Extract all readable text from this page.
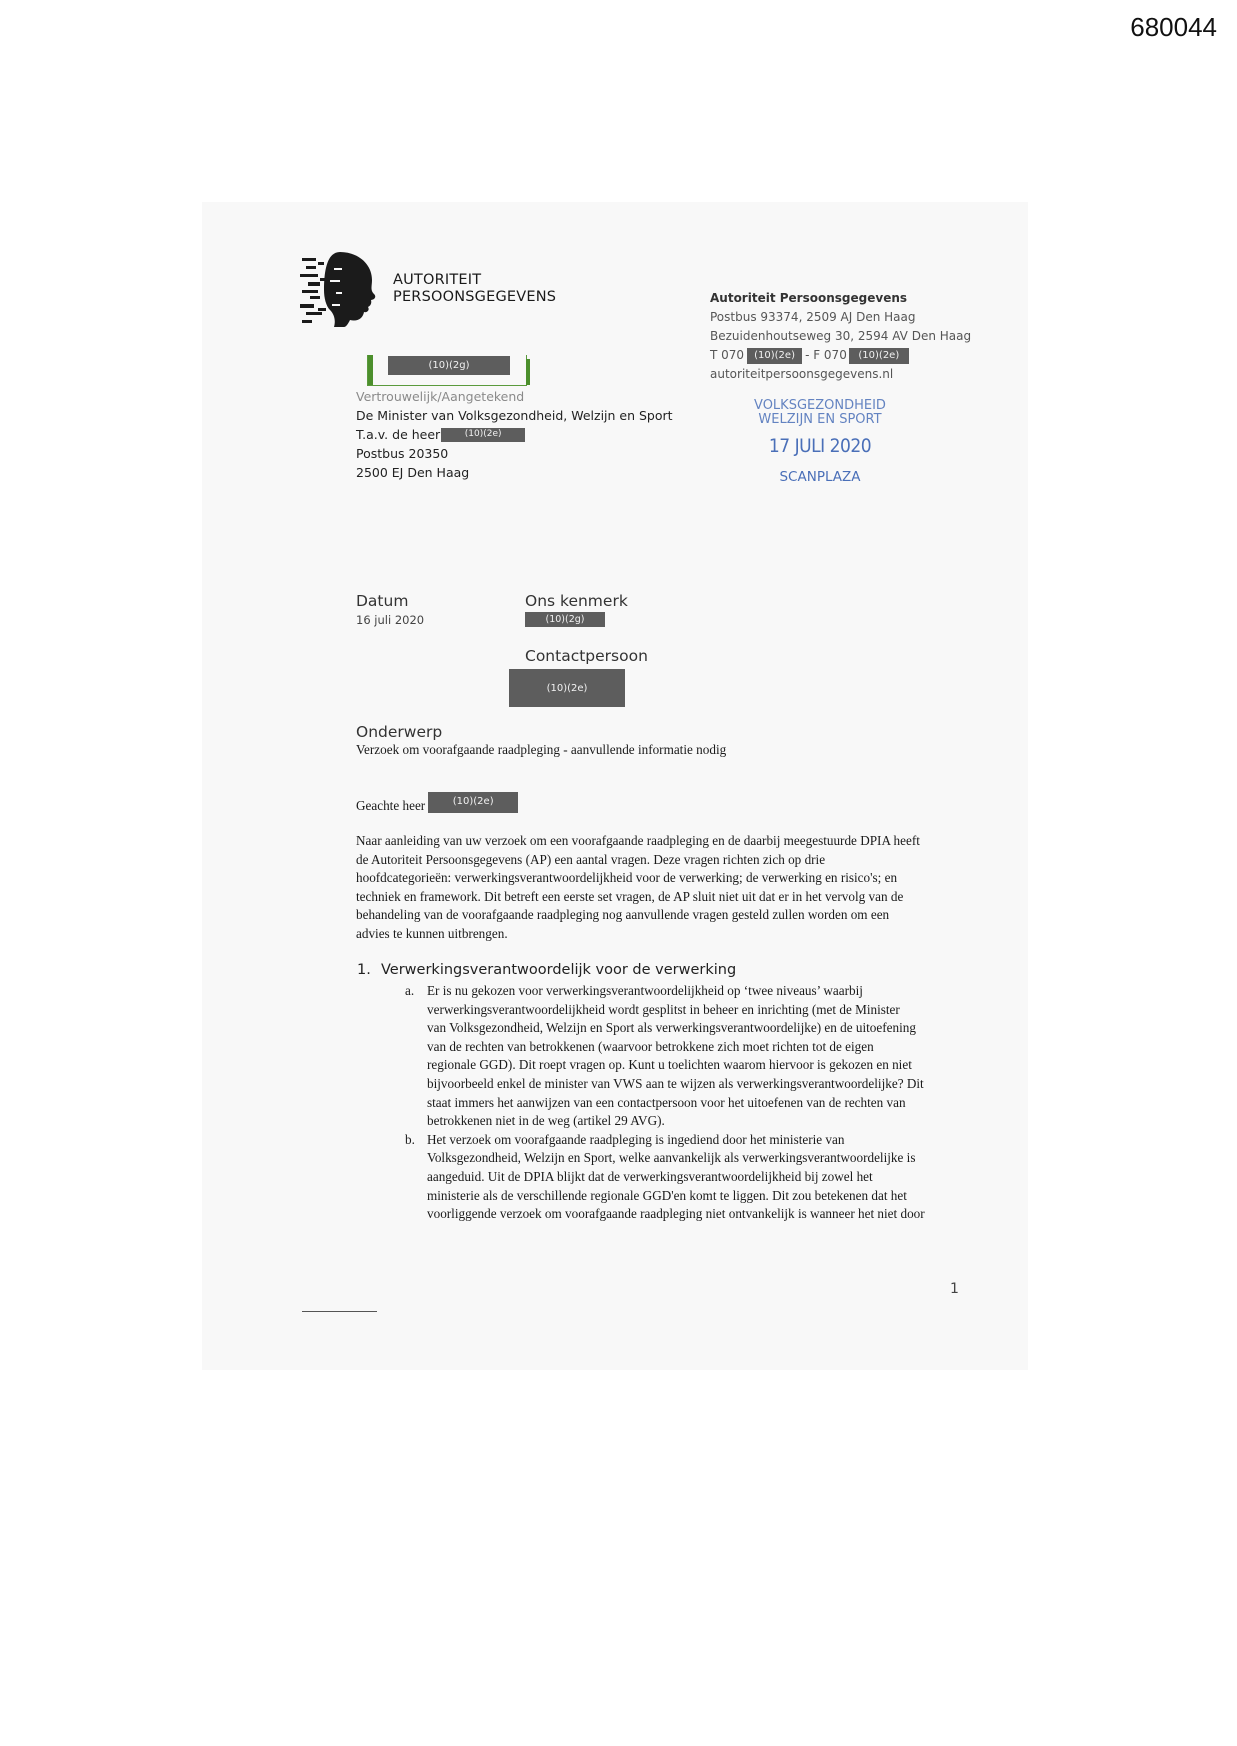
680044
AUTORITEIT
PERSOONSGEGEVENS	Autoriteit Persoonsgegevens
Postbus 93374, 2509 AJ Den Haag
Bezuidenhoutseweg 30, 2594 AV Den Haag
T 070	(10)(2e) - F 070	(10)(2e)
autoriteitpersoonsgegevens.nl
(10)(2g)
Vertrouwelijk/Aangetekend
De Minister van Volksgezondheid, Welzijn en Sport
T.a.v. de heer	(10)(2e)
Postbus 20350
2500 EJ Den Haag
VOLKSGEZONDHEID
WELZIJN EN SPORT
17 JULI 2020
SCANPLAZA
Datum
16 juli 2020
Ons kenmerk
(10)(2g)
Contactpersoon
(10)(2e)
Onderwerp
Verzoek om voorafgaande raadpleging - aanvullende informatie nodig
Geachte heer	(10)(2e)
Naar aanleiding van uw verzoek om een voorafgaande raadpleging en de daarbij meegestuurde DPIA heeft
de Autoriteit Persoonsgegevens (AP) een aantal vragen. Deze vragen richten zich op drie
hoofdcategorieën: verwerkingsverantwoordelijkheid voor de verwerking; de verwerking en risico's; en
techniek en framework. Dit betreft een eerste set vragen, de AP sluit niet uit dat er in het vervolg van de
behandeling van de voorafgaande raadpleging nog aanvullende vragen gesteld zullen worden om een
advies te kunnen uitbrengen.
1. Verwerkingsverantwoordelijk voor de verwerking
a. Er is nu gekozen voor verwerkingsverantwoordelijkheid op ‘twee niveaus’ waarbij
verwerkingsverantwoordelijkheid wordt gesplitst in beheer en inrichting (met de Minister
van Volksgezondheid, Welzijn en Sport als verwerkingsverantwoordelijke) en de uitoefening
van de rechten van betrokkenen (waarvoor betrokkene zich moet richten tot de eigen
regionale GGD). Dit roept vragen op. Kunt u toelichten waarom hiervoor is gekozen en niet
bijvoorbeeld enkel de minister van VWS aan te wijzen als verwerkingsverantwoordelijke? Dit
staat immers het aanwijzen van een contactpersoon voor het uitoefenen van de rechten van
betrokkenen niet in de weg (artikel 29 AVG).
b. Het verzoek om voorafgaande raadpleging is ingediend door het ministerie van
Volksgezondheid, Welzijn en Sport, welke aanvankelijk als verwerkingsverantwoordelijke is
aangeduid. Uit de DPIA blijkt dat de verwerkingsverantwoordelijkheid bij zowel het
ministerie als de verschillende regionale GGD'en komt te liggen. Dit zou betekenen dat het
voorliggende verzoek om voorafgaande raadpleging niet ontvankelijk is wanneer het niet door
1
